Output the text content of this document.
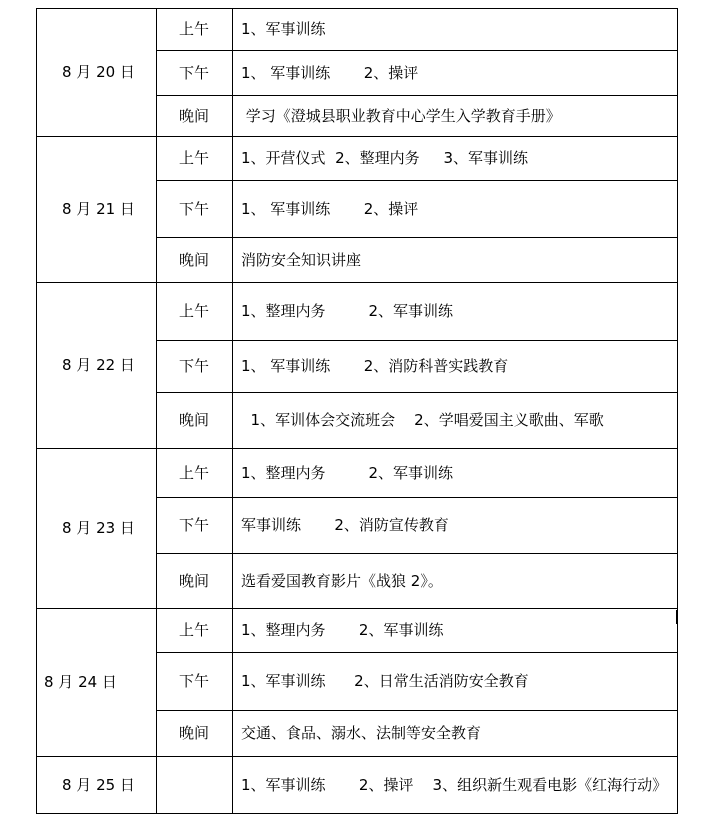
8 月 20 日
上午 1、军事训练
下午 1、 军事训练       2、操评
晚间 学习《澄城县职业教育中心学生入学教育手册》
8 月 21 日
上午 1、开营仪式  2、整理内务     3、军事训练
下午 1、 军事训练       2、操评
晚间 消防安全知识讲座
8 月 22 日
上午 1、整理内务         2、军事训练
下午 1、 军事训练       2、消防科普实践教育
晚间 1、军训体会交流班会    2、学唱爱国主义歌曲、军歌
8 月 23 日
上午 1、整理内务         2、军事训练
下午 军事训练       2、消防宣传教育
晚间 选看爱国教育影片《战狼 2》。
8 月 24 日
上午 1、整理内务       2、军事训练
下午 1、军事训练      2、日常生活消防安全教育
晚间 交通、食品、溺水、法制等安全教育
8 月 25 日	1、军事训练       2、操评    3、组织新生观看电影《红海行动》
